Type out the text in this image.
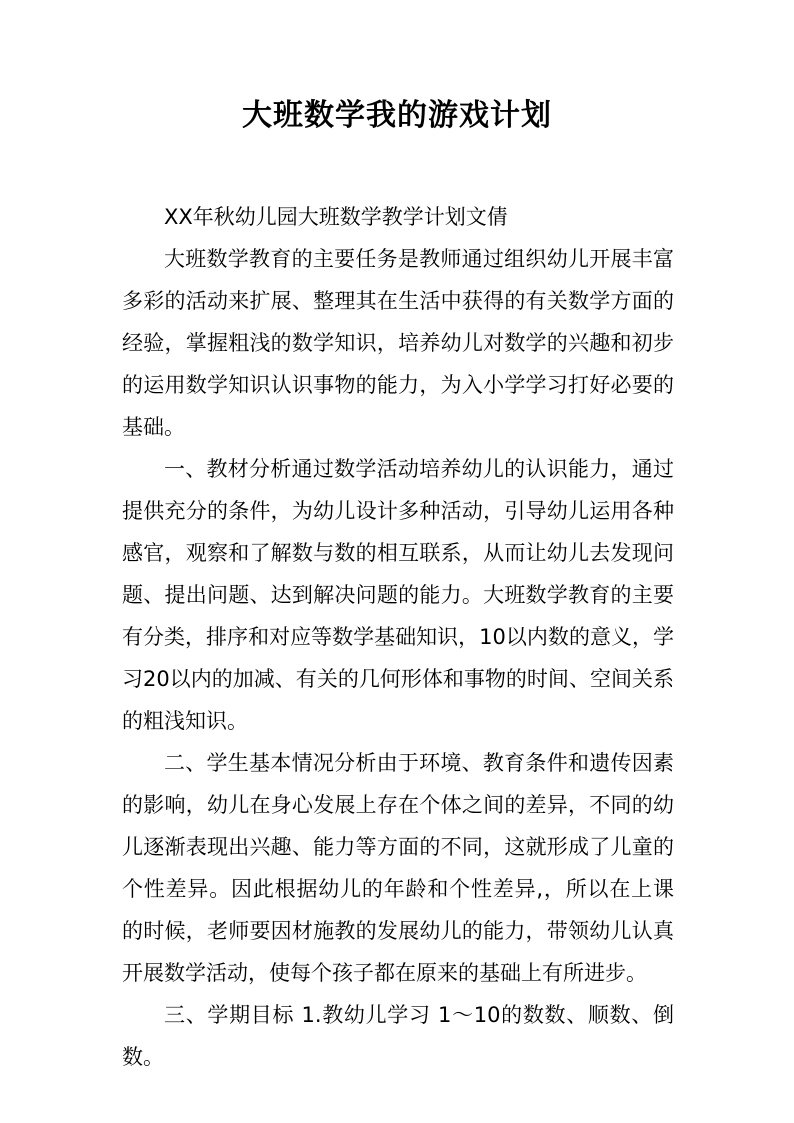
大班数学我的游戏计划

XX年秋幼儿园大班数学教学计划文倩

大班数学教育的主要任务是教师通过组织幼儿开展丰富多彩的活动来扩展、整理其在生活中获得的有关数学方面的经验，掌握粗浅的数学知识，培养幼儿对数学的兴趣和初步的运用数学知识认识事物的能力，为入小学学习打好必要的基础。

一、教材分析通过数学活动培养幼儿的认识能力，通过提供充分的条件，为幼儿设计多种活动，引导幼儿运用各种感官，观察和了解数与数的相互联系，从而让幼儿去发现问题、提出问题、达到解决问题的能力。大班数学教育的主要有分类，排序和对应等数学基础知识，10以内数的意义，学习20以内的加减、有关的几何形体和事物的时间、空间关系的粗浅知识。

二、学生基本情况分析由于环境、教育条件和遗传因素的影响，幼儿在身心发展上存在个体之间的差异，不同的幼儿逐渐表现出兴趣、能力等方面的不同，这就形成了儿童的个性差异。因此根据幼儿的年龄和个性差异,，所以在上课的时候，老师要因材施教的发展幼儿的能力，带领幼儿认真开展数学活动，使每个孩子都在原来的基础上有所进步。

三、学期目标 1.教幼儿学习 1～10的数数、顺数、倒数。
